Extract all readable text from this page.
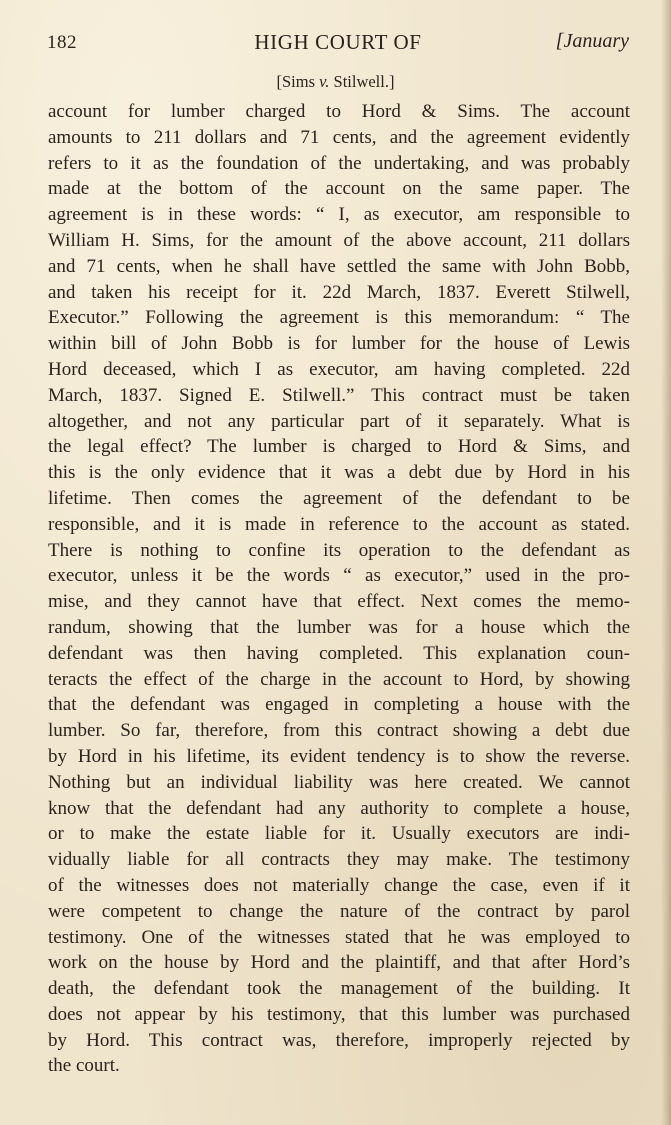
182	HIGH COURT OF	[January
[Sims v. Stilwell.]
account for lumber charged to Hord & Sims. The account
amounts to 211 dollars and 71 cents, and the agreement evidently
refers to it as the foundation of the undertaking, and was probably
made at the bottom of the account on the same paper. The
agreement is in these words: “ I, as executor, am responsible to
William H. Sims, for the amount of the above account, 211 dollars
and 71 cents, when he shall have settled the same with John Bobb,
and taken his receipt for it. 22d March, 1837. Everett Stilwell,
Executor.” Following the agreement is this memorandum: “ The
within bill of John Bobb is for lumber for the house of Lewis
Hord deceased, which I as executor, am having completed. 22d
March, 1837. Signed E. Stilwell.” This contract must be taken
altogether, and not any particular part of it separately. What is
the legal effect? The lumber is charged to Hord & Sims, and
this is the only evidence that it was a debt due by Hord in his
lifetime. Then comes the agreement of the defendant to be
responsible, and it is made in reference to the account as stated.
There is nothing to confine its operation to the defendant as
executor, unless it be the words “ as executor,” used in the pro-
mise, and they cannot have that effect. Next comes the memo-
randum, showing that the lumber was for a house which the
defendant was then having completed. This explanation coun-
teracts the effect of the charge in the account to Hord, by showing
that the defendant was engaged in completing a house with the
lumber. So far, therefore, from this contract showing a debt due
by Hord in his lifetime, its evident tendency is to show the reverse.
Nothing but an individual liability was here created. We cannot
know that the defendant had any authority to complete a house,
or to make the estate liable for it. Usually executors are indi-
vidually liable for all contracts they may make. The testimony
of the witnesses does not materially change the case, even if it
were competent to change the nature of the contract by parol
testimony. One of the witnesses stated that he was employed to
work on the house by Hord and the plaintiff, and that after Hord’s
death, the defendant took the management of the building. It
does not appear by his testimony, that this lumber was purchased
by Hord. This contract was, therefore, improperly rejected by
the court.
